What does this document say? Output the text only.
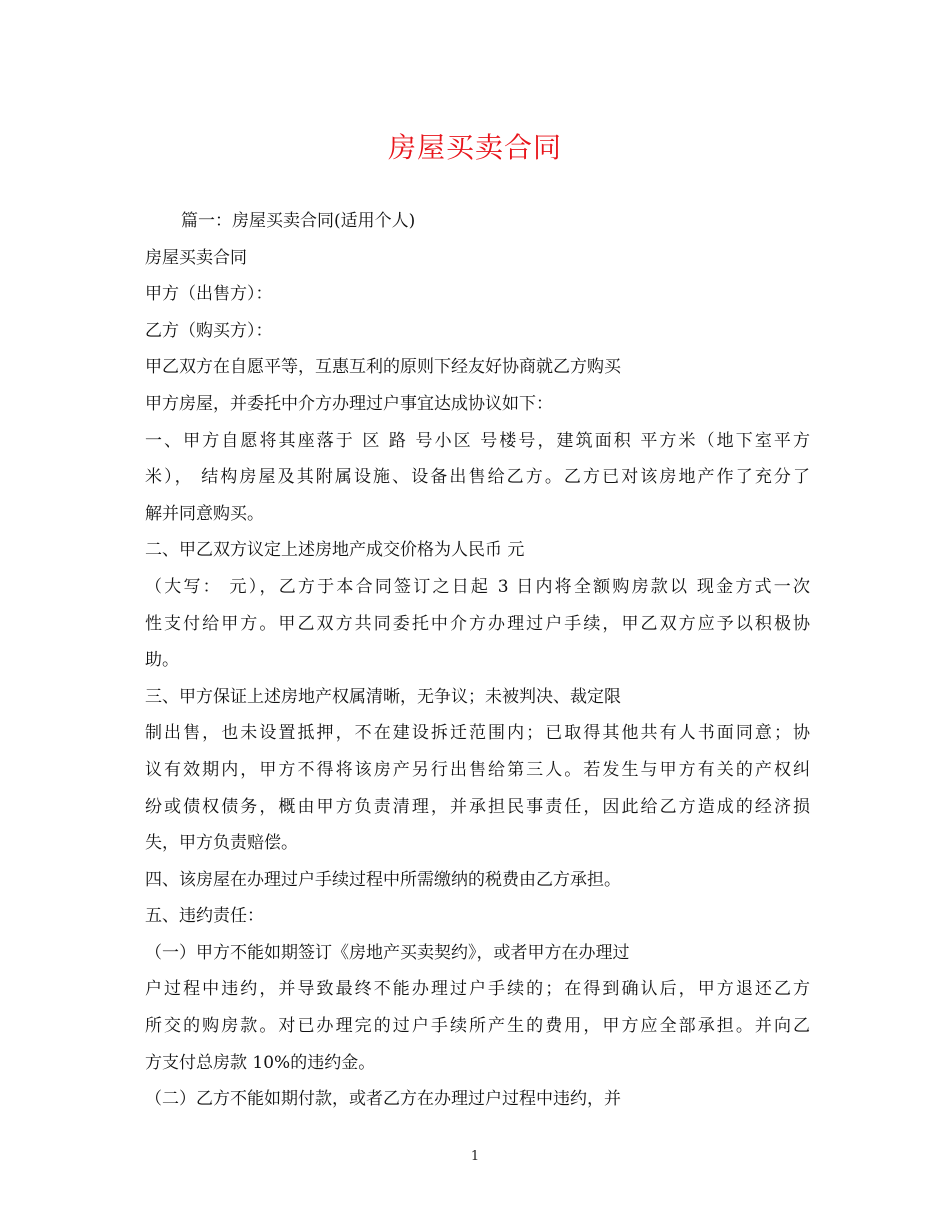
房屋买卖合同
篇一：房屋买卖合同(适用个人)
房屋买卖合同
甲方（出售方）：
乙方（购买方）：
甲乙双方在自愿平等，互惠互利的原则下经友好协商就乙方购买
甲方房屋，并委托中介方办理过户事宜达成协议如下：
一、甲方自愿将其座落于 区 路 号小区 号楼号，建筑面积 平方米（地下室平方
米）， 结构房屋及其附属设施、设备出售给乙方。乙方已对该房地产作了充分了
解并同意购买。
二、甲乙双方议定上述房地产成交价格为人民币 元
（大写： 元），乙方于本合同签订之日起 3 日内将全额购房款以 现金方式一次
性支付给甲方。甲乙双方共同委托中介方办理过户手续，甲乙双方应予以积极协
助。
三、甲方保证上述房地产权属清晰，无争议；未被判决、裁定限
制出售，也未设置抵押，不在建设拆迁范围内；已取得其他共有人书面同意；协
议有效期内，甲方不得将该房产另行出售给第三人。若发生与甲方有关的产权纠
纷或债权债务，概由甲方负责清理，并承担民事责任，因此给乙方造成的经济损
失，甲方负责赔偿。
四、该房屋在办理过户手续过程中所需缴纳的税费由乙方承担。
五、违约责任：
（一）甲方不能如期签订《房地产买卖契约》，或者甲方在办理过
户过程中违约，并导致最终不能办理过户手续的；在得到确认后，甲方退还乙方
所交的购房款。对已办理完的过户手续所产生的费用，甲方应全部承担。并向乙
方支付总房款 10%的违约金。
（二）乙方不能如期付款，或者乙方在办理过户过程中违约，并
1
